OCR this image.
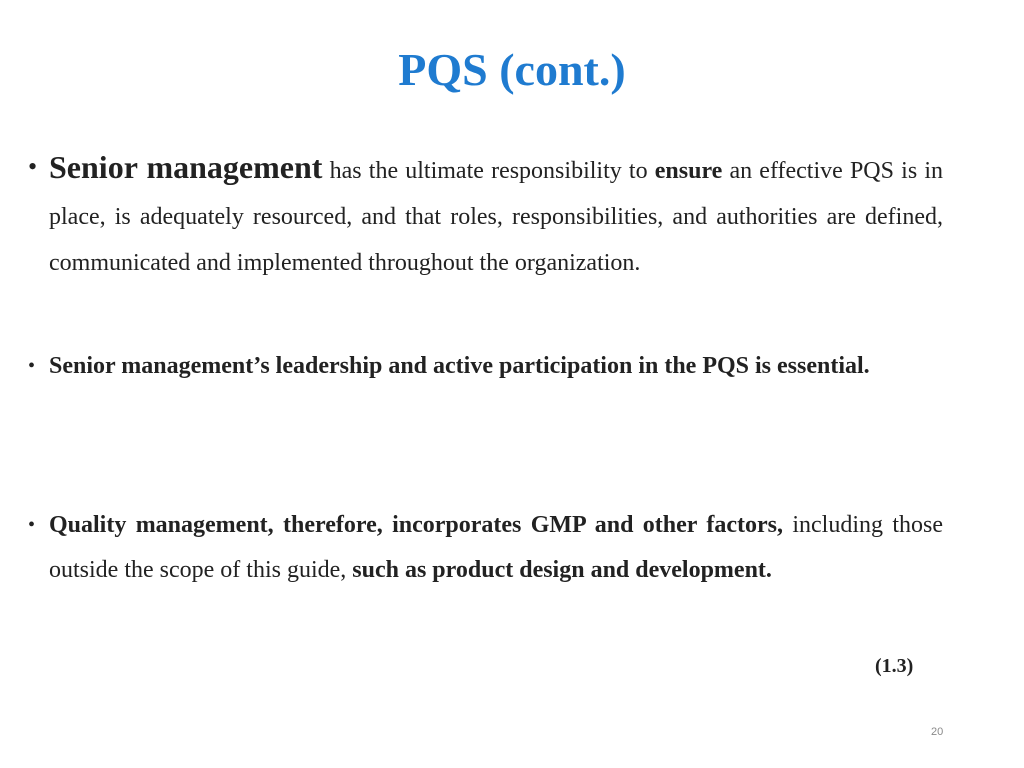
PQS (cont.)
• Senior management has the ultimate responsibility to ensure an effective PQS is in place, is adequately resourced, and that roles, responsibilities, and authorities are defined, communicated and implemented throughout the organization.

• Senior management’s leadership and active participation in the PQS is essential.

• Quality management, therefore, incorporates GMP and other factors, including those outside the scope of this guide, such as product design and development.

(1.3)
20
